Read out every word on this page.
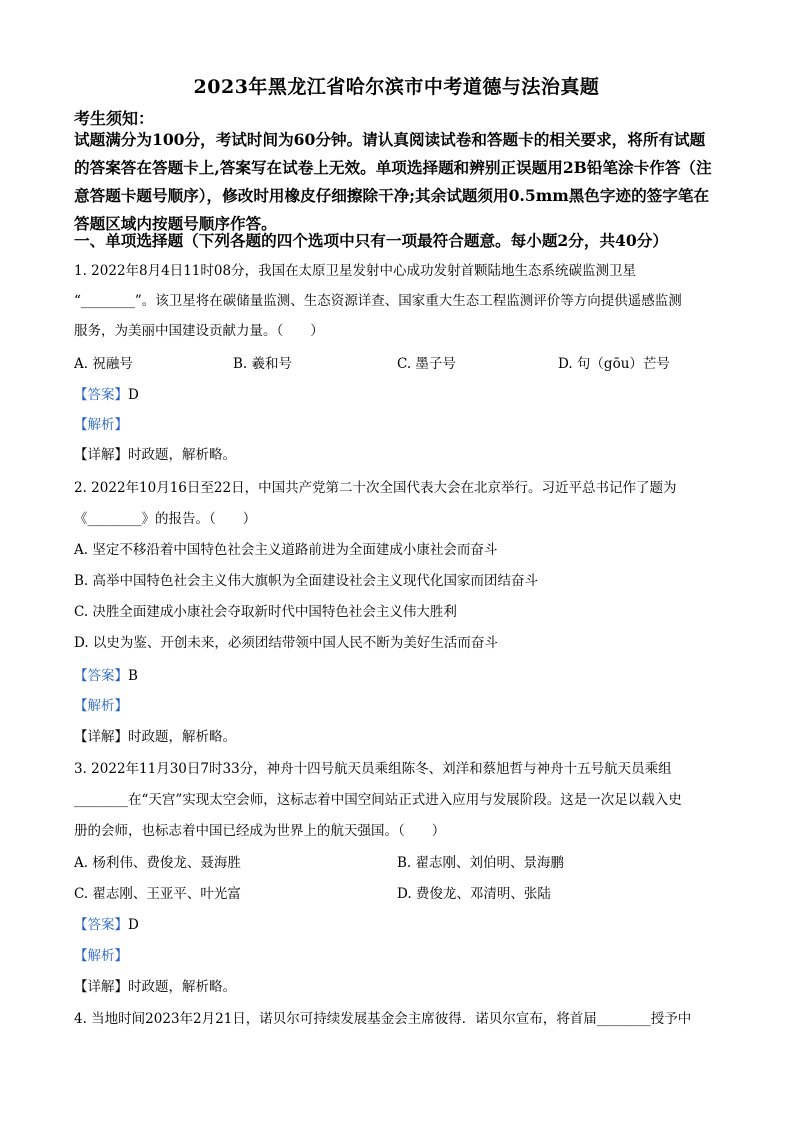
2023年黑龙江省哈尔滨市中考道德与法治真题
考生须知：
试题满分为100分，考试时间为60分钟。请认真阅读试卷和答题卡的相关要求，将所有试题
的答案答在答题卡上,答案写在试卷上无效。单项选择题和辨别正误题用2B铅笔涂卡作答（注
意答题卡题号顺序），修改时用橡皮仔细擦除干净;其余试题须用0.5mm黑色字迹的签字笔在
答题区域内按题号顺序作答。
一、单项选择题（下列各题的四个选项中只有一项最符合题意。每小题2分，共40分）
1. 2022年8月4日11时08分，我国在太原卫星发射中心成功发射首颗陆地生态系统碳监测卫星
“________”。该卫星将在碳储量监测、生态资源详查、国家重大生态工程监测评价等方向提供遥感监测
服务，为美丽中国建设贡献力量。（　　）
A. 祝融号	B. 羲和号	C. 墨子号	D. 句（gōu）芒号
【答案】D
【解析】
【详解】时政题，解析略。
2. 2022年10月16日至22日，中国共产党第二十次全国代表大会在北京举行。习近平总书记作了题为
《________》的报告。（　　）
A. 坚定不移沿着中国特色社会主义道路前进为全面建成小康社会而奋斗
B. 高举中国特色社会主义伟大旗帜为全面建设社会主义现代化国家而团结奋斗
C. 决胜全面建成小康社会夺取新时代中国特色社会主义伟大胜利
D. 以史为鉴、开创未来，必须团结带领中国人民不断为美好生活而奋斗
【答案】B
【解析】
【详解】时政题，解析略。
3. 2022年11月30日7时33分，神舟十四号航天员乘组陈冬、刘洋和蔡旭哲与神舟十五号航天员乘组
________在“天宫”实现太空会师，这标志着中国空间站正式进入应用与发展阶段。这是一次足以载入史
册的会师，也标志着中国已经成为世界上的航天强国。（　　）
A. 杨利伟、费俊龙、聂海胜	B. 翟志刚、刘伯明、景海鹏
C. 翟志刚、王亚平、叶光富	D. 费俊龙、邓清明、张陆
【答案】D
【解析】
【详解】时政题，解析略。
4. 当地时间2023年2月21日，诺贝尔可持续发展基金会主席彼得．诺贝尔宣布，将首届________授予中
